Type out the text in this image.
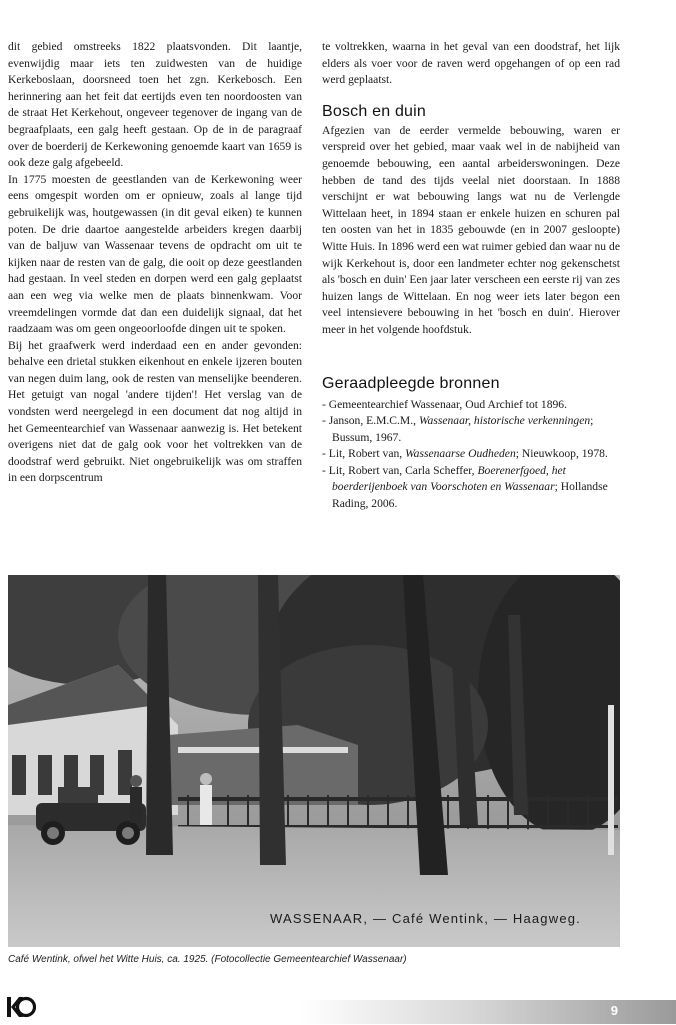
dit gebied omstreeks 1822 plaatsvonden. Dit laantje, evenwijdig maar iets ten zuidwesten van de huidige Kerkeboslaan, doorsneed toen het zgn. Kerkebosch. Een herinnering aan het feit dat eertijds even ten noordoosten van de straat Het Kerkehout, ongeveer tegenover de ingang van de begraafplaats, een galg heeft gestaan. Op de in de paragraaf over de boerderij de Kerkewoning genoemde kaart van 1659 is ook deze galg afgebeeld.

In 1775 moesten de geestlanden van de Kerkewoning weer eens omgespit worden om er opnieuw, zoals al lange tijd gebruikelijk was, houtgewassen (in dit geval eiken) te kunnen poten. De drie daartoe aangestelde arbeiders kregen daarbij van de baljuw van Wassenaar tevens de opdracht om uit te kijken naar de resten van de galg, die ooit op deze geestlanden had gestaan. In veel steden en dorpen werd een galg geplaatst aan een weg via welke men de plaats binnenkwam. Voor vreemdelingen vormde dat dan een duidelijk signaal, dat het raadzaam was om geen ongeoorloofde dingen uit te spoken.

Bij het graafwerk werd inderdaad een en ander gevonden: behalve een drietal stukken eikenhout en enkele ijzeren bouten van negen duim lang, ook de resten van menselijke beenderen. Het getuigt van nogal 'andere tijden'! Het verslag van de vondsten werd neergelegd in een document dat nog altijd in het Gemeentearchief van Wassenaar aanwezig is. Het betekent overigens niet dat de galg ook voor het voltrekken van de doodstraf werd gebruikt. Niet ongebruikelijk was om straffen in een dorpscentrum

te voltrekken, waarna in het geval van een doodstraf, het lijk elders als voer voor de raven werd opgehangen of op een rad werd geplaatst.

Bosch en duin

Afgezien van de eerder vermelde bebouwing, waren er verspreid over het gebied, maar vaak wel in de nabijheid van genoemde bebouwing, een aantal arbeiderswoningen. Deze hebben de tand des tijds veelal niet doorstaan. In 1888 verschijnt er wat bebouwing langs wat nu de Verlengde Wittelaan heet, in 1894 staan er enkele huizen en schuren pal ten oosten van het in 1835 gebouwde (en in 2007 gesloopte) Witte Huis. In 1896 werd een wat ruimer gebied dan waar nu de wijk Kerkehout is, door een landmeter echter nog gekenschetst als 'bosch en duin' Een jaar later verscheen een eerste rij van zes huizen langs de Wittelaan. En nog weer iets later begon een veel intensievere bebouwing in het 'bosch en duin'. Hierover meer in het volgende hoofdstuk.

Geraadpleegde bronnen
- Gemeentearchief Wassenaar, Oud Archief tot 1896.
- Janson, E.M.C.M., Wassenaar, historische verkenningen; Bussum, 1967.
- Lit, Robert van, Wassenaarse Oudheden; Nieuwkoop, 1978.
- Lit, Robert van, Carla Scheffer, Boerenerfgoed, het boerderijenboek van Voorschoten en Wassenaar; Hollandse Rading, 2006.
WASSENAAR, — Café Wentink, — Haagweg.
Café Wentink, ofwel het Witte Huis, ca. 1925. (Fotocollectie Gemeentearchief Wassenaar)
9
